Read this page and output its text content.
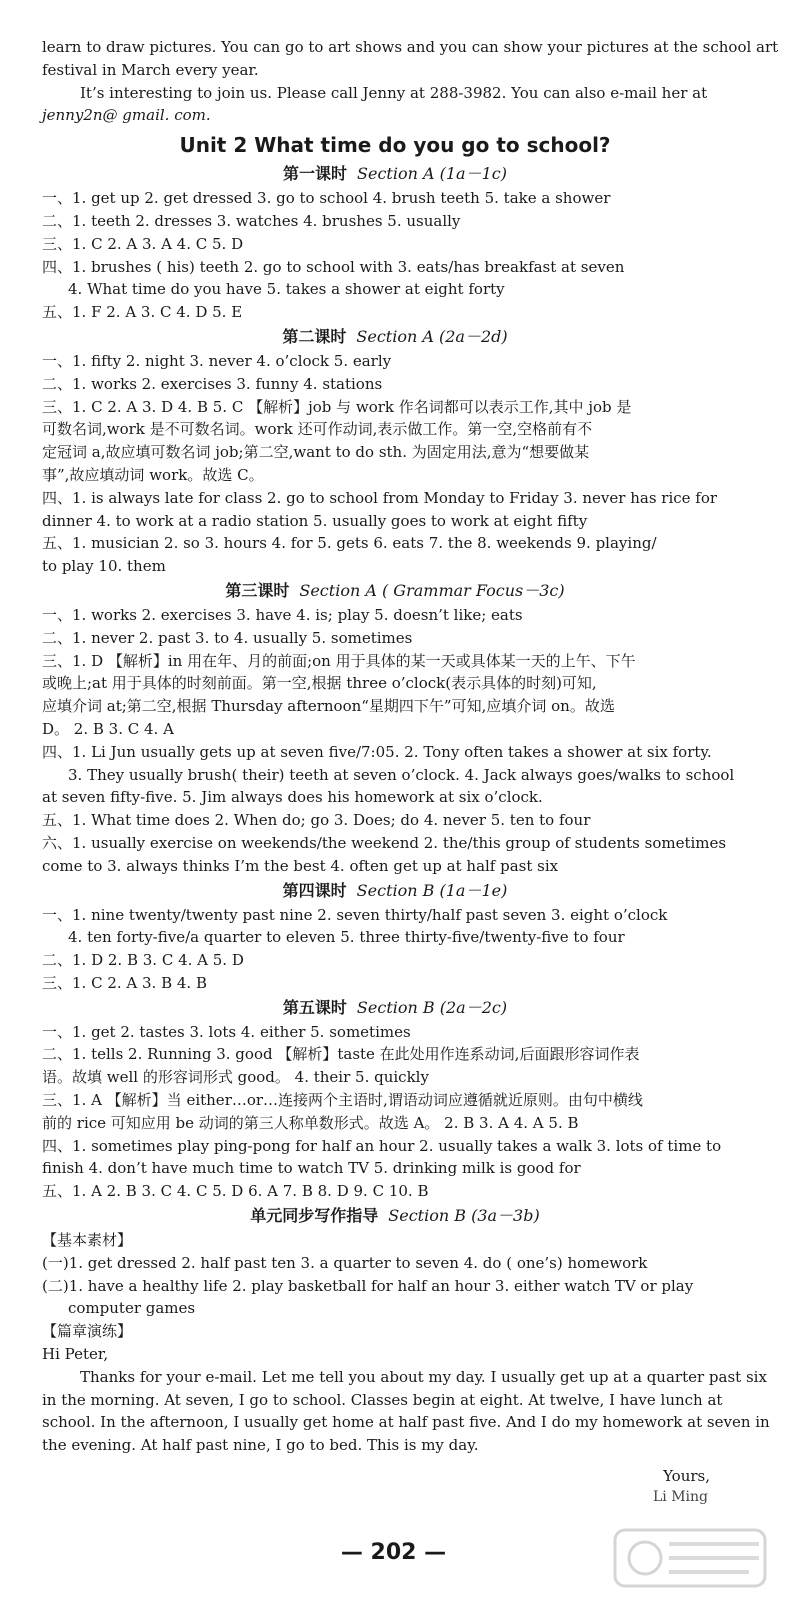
learn to draw pictures. You can go to art shows and you can show your pictures at the school art
festival in March every year.
It’s interesting to join us. Please call Jenny at 288-3982. You can also e-mail her at
jenny2n@ gmail. com.
Unit 2 What time do you go to school?
第一课时 Section A (1a－1c)
一、1. get up 2. get dressed 3. go to school 4. brush teeth 5. take a shower
二、1. teeth 2. dresses 3. watches 4. brushes 5. usually
三、1. C 2. A 3. A 4. C 5. D
四、1. brushes ( his) teeth 2. go to school with 3. eats/has breakfast at seven
4. What time do you have 5. takes a shower at eight forty
五、1. F 2. A 3. C 4. D 5. E
第二课时 Section A (2a－2d)
一、1. fifty 2. night 3. never 4. o’clock 5. early
二、1. works 2. exercises 3. funny 4. stations
三、1. C 2. A 3. D 4. B 5. C 【解析】job 与 work 作名词都可以表示工作,其中 job 是
可数名词,work 是不可数名词。work 还可作动词,表示做工作。第一空,空格前有不
定冠词 a,故应填可数名词 job;第二空,want to do sth. 为固定用法,意为“想要做某
事”,故应填动词 work。故选 C。
四、1. is always late for class 2. go to school from Monday to Friday 3. never has rice for
dinner 4. to work at a radio station 5. usually goes to work at eight fifty
五、1. musician 2. so 3. hours 4. for 5. gets 6. eats 7. the 8. weekends 9. playing/
to play 10. them
第三课时 Section A ( Grammar Focus－3c)
一、1. works 2. exercises 3. have 4. is; play 5. doesn’t like; eats
二、1. never 2. past 3. to 4. usually 5. sometimes
三、1. D 【解析】in 用在年、月的前面;on 用于具体的某一天或具体某一天的上午、下午
或晚上;at 用于具体的时刻前面。第一空,根据 three o’clock(表示具体的时刻)可知,
应填介词 at;第二空,根据 Thursday afternoon“星期四下午”可知,应填介词 on。故选
D。 2. B 3. C 4. A
四、1. Li Jun usually gets up at seven five/7:05. 2. Tony often takes a shower at six forty.
3. They usually brush( their) teeth at seven o’clock. 4. Jack always goes/walks to school
at seven fifty-five. 5. Jim always does his homework at six o’clock.
五、1. What time does 2. When do; go 3. Does; do 4. never 5. ten to four
六、1. usually exercise on weekends/the weekend 2. the/this group of students sometimes
come to 3. always thinks I’m the best 4. often get up at half past six
第四课时 Section B (1a－1e)
一、1. nine twenty/twenty past nine 2. seven thirty/half past seven 3. eight o’clock
4. ten forty-five/a quarter to eleven 5. three thirty-five/twenty-five to four
二、1. D 2. B 3. C 4. A 5. D
三、1. C 2. A 3. B 4. B
第五课时 Section B (2a－2c)
一、1. get 2. tastes 3. lots 4. either 5. sometimes
二、1. tells 2. Running 3. good 【解析】taste 在此处用作连系动词,后面跟形容词作表
语。故填 well 的形容词形式 good。 4. their 5. quickly
三、1. A 【解析】当 either…or…连接两个主语时,谓语动词应遵循就近原则。由句中横线
前的 rice 可知应用 be 动词的第三人称单数形式。故选 A。 2. B 3. A 4. A 5. B
四、1. sometimes play ping-pong for half an hour 2. usually takes a walk 3. lots of time to
finish 4. don’t have much time to watch TV 5. drinking milk is good for
五、1. A 2. B 3. C 4. C 5. D 6. A 7. B 8. D 9. C 10. B
单元同步写作指导 Section B (3a－3b)
【基本素材】
(一)1. get dressed 2. half past ten 3. a quarter to seven 4. do ( one’s) homework
(二)1. have a healthy life 2. play basketball for half an hour 3. either watch TV or play
computer games
【篇章演练】
Hi Peter,
Thanks for your e-mail. Let me tell you about my day. I usually get up at a quarter past six
in the morning. At seven, I go to school. Classes begin at eight. At twelve, I have lunch at
school. In the afternoon, I usually get home at half past five. And I do my homework at seven in
the evening. At half past nine, I go to bed. This is my day.
Yours,
Li Ming
— 202 —
